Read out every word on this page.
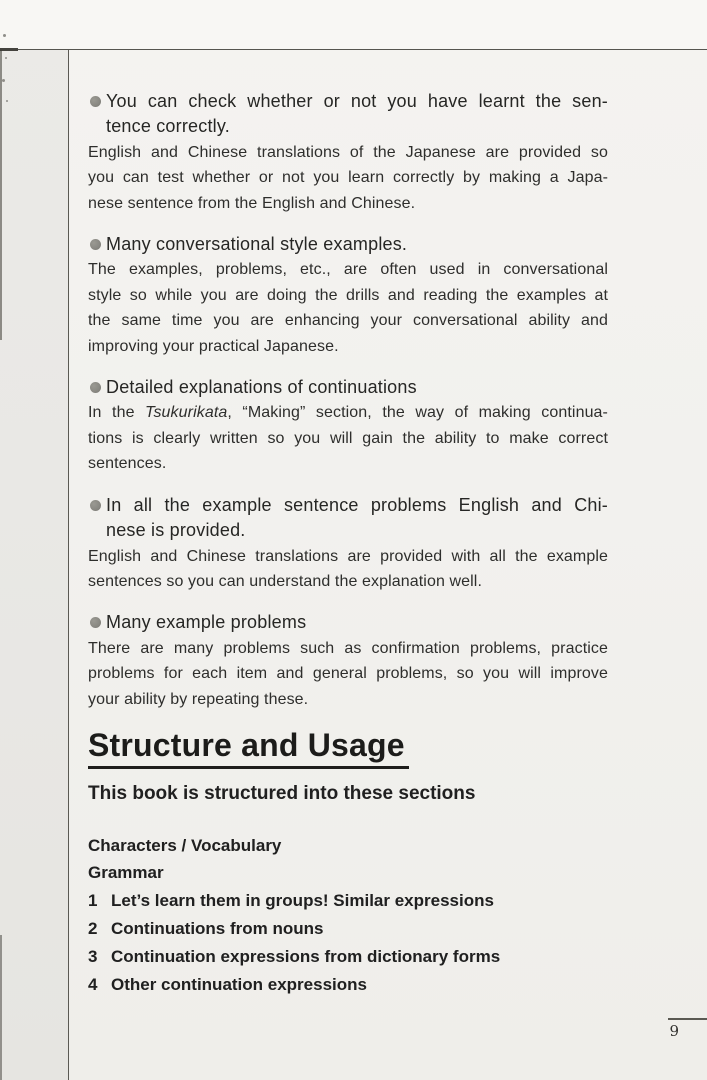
You can check whether or not you have learnt the sen-
tence correctly.
English and Chinese translations of the Japanese are provided so
you can test whether or not you learn correctly by making a Japa-
nese sentence from the English and Chinese.
Many conversational style examples.
The examples, problems, etc., are often used in conversational
style so while you are doing the drills and reading the examples at
the same time you are enhancing your conversational ability and
improving your practical Japanese.
Detailed explanations of continuations
In the Tsukurikata, “Making” section, the way of making continua-
tions is clearly written so you will gain the ability to make correct
sentences.
In all the example sentence problems English and Chi-
nese is provided.
English and Chinese translations are provided with all the example
sentences so you can understand the explanation well.
Many example problems
There are many problems such as confirmation problems, practice
problems for each item and general problems, so you will improve
your ability by repeating these.
Structure and Usage
This book is structured into these sections
Characters / Vocabulary
Grammar
1 Let’s learn them in groups! Similar expressions
2 Continuations from nouns
3 Continuation expressions from dictionary forms
4 Other continuation expressions
9
